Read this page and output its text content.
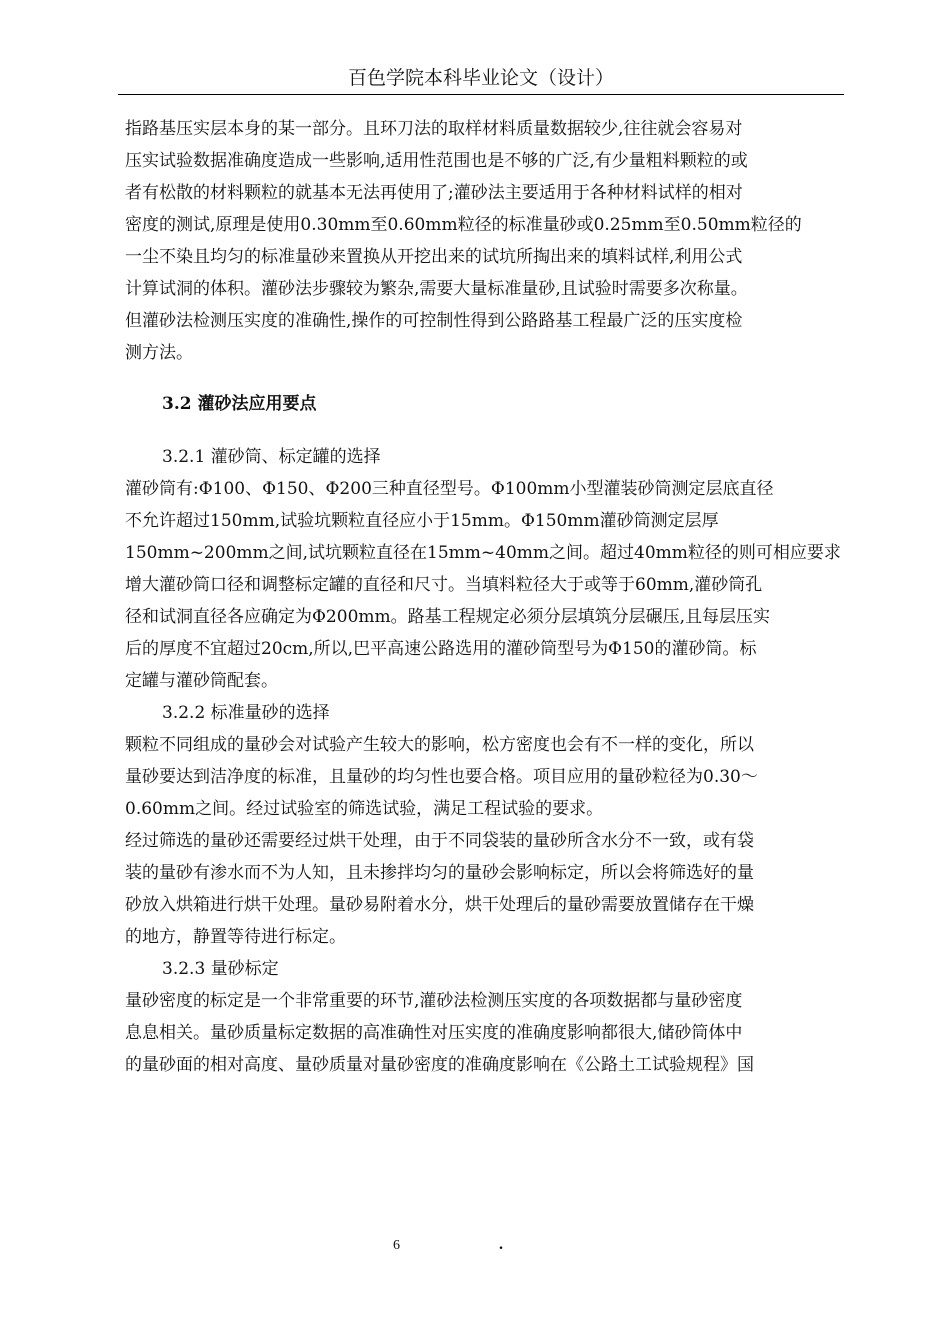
百色学院本科毕业论文（设计）
指路基压实层本身的某一部分。且环刀法的取样材料质量数据较少,往往就会容易对
压实试验数据准确度造成一些影响,适用性范围也是不够的广泛,有少量粗料颗粒的或
者有松散的材料颗粒的就基本无法再使用了;灌砂法主要适用于各种材料试样的相对
密度的测试,原理是使用0.30mm至0.60mm粒径的标准量砂或0.25mm至0.50mm粒径的
一尘不染且均匀的标准量砂来置换从开挖出来的试坑所掏出来的填料试样,利用公式
计算试洞的体积。灌砂法步骤较为繁杂,需要大量标准量砂,且试验时需要多次称量。
但灌砂法检测压实度的准确性,操作的可控制性得到公路路基工程最广泛的压实度检
测方法。
3.2 灌砂法应用要点
3.2.1 灌砂筒、标定罐的选择
灌砂筒有:Φ100、Φ150、Φ200三种直径型号。Φ100mm小型灌装砂筒测定层底直径
不允许超过150mm,试验坑颗粒直径应小于15mm。Φ150mm灌砂筒测定层厚
150mm~200mm之间,试坑颗粒直径在15mm~40mm之间。超过40mm粒径的则可相应要求
增大灌砂筒口径和调整标定罐的直径和尺寸。当填料粒径大于或等于60mm,灌砂筒孔
径和试洞直径各应确定为Φ200mm。路基工程规定必须分层填筑分层碾压,且每层压实
后的厚度不宜超过20cm,所以,巴平高速公路选用的灌砂筒型号为Φ150的灌砂筒。标
定罐与灌砂筒配套。
3.2.2 标准量砂的选择
颗粒不同组成的量砂会对试验产生较大的影响，松方密度也会有不一样的变化，所以
量砂要达到洁净度的标准，且量砂的均匀性也要合格。项目应用的量砂粒径为0.30～
0.60mm之间。经过试验室的筛选试验，满足工程试验的要求。
经过筛选的量砂还需要经过烘干处理，由于不同袋装的量砂所含水分不一致，或有袋
装的量砂有渗水而不为人知，且未掺拌均匀的量砂会影响标定，所以会将筛选好的量
砂放入烘箱进行烘干处理。量砂易附着水分，烘干处理后的量砂需要放置储存在干燥
的地方，静置等待进行标定。
3.2.3 量砂标定
量砂密度的标定是一个非常重要的环节,灌砂法检测压实度的各项数据都与量砂密度
息息相关。量砂质量标定数据的高准确性对压实度的准确度影响都很大,储砂筒体中
的量砂面的相对高度、量砂质量对量砂密度的准确度影响在《公路土工试验规程》国
6	.
